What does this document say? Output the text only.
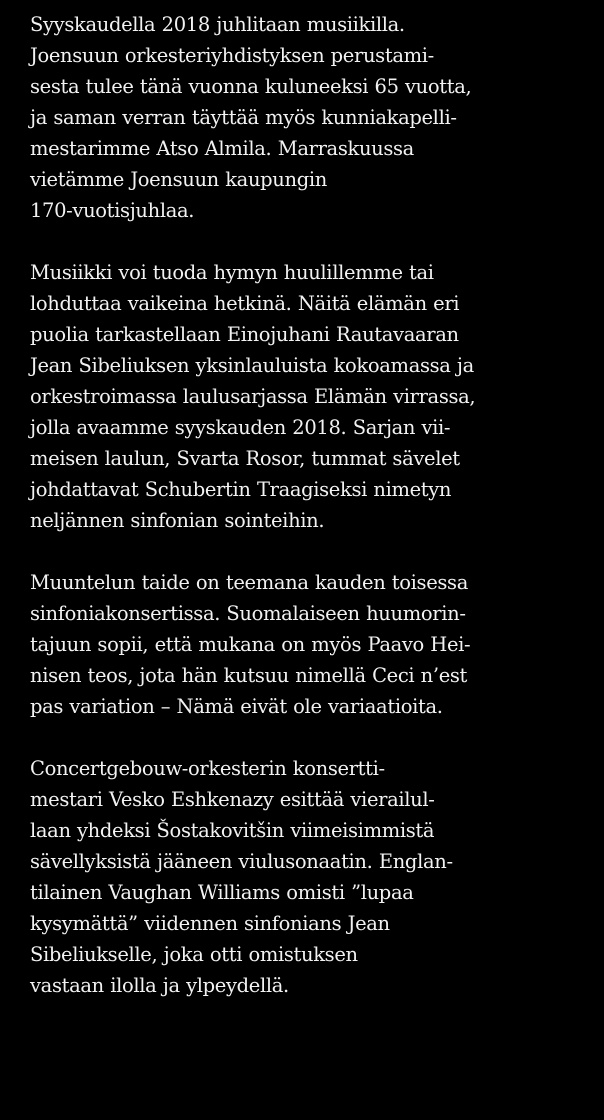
Syyskaudella 2018 juhlitaan musiikilla.
Joensuun orkesteriyhdistyksen perustami-
sesta tulee tänä vuonna kuluneeksi 65 vuotta,
ja saman verran täyttää myös kunniakapelli-
mestarimme Atso Almila. Marraskuussa
vietämme Joensuun kaupungin
170-vuotisjuhlaa.

Musiikki voi tuoda hymyn huulillemme tai
lohduttaa vaikeina hetkinä. Näitä elämän eri
puolia tarkastellaan Einojuhani Rautavaaran
Jean Sibeliuksen yksinlauluista kokoamassa ja
orkestroimassa laulusarjassa Elämän virrassa,
jolla avaamme syyskauden 2018. Sarjan vii-
meisen laulun, Svarta Rosor, tummat sävelet
johdattavat Schubertin Traagiseksi nimetyn
neljännen sinfonian sointeihin.

Muuntelun taide on teemana kauden toisessa
sinfoniakonsertissa. Suomalaiseen huumorin-
tajuun sopii, että mukana on myös Paavo Hei-
nisen teos, jota hän kutsuu nimellä Ceci n’est
pas variation – Nämä eivät ole variaatioita.

Concertgebouw-orkesterin konsertti-
mestari Vesko Eshkenazy esittää vierailul-
laan yhdeksi Šostakovitšin viimeisimmistä
sävellyksistä jääneen viulusonaatin. Englan-
tilainen Vaughan Williams omisti ”lupaa
kysymättä” viidennen sinfonians Jean
Sibeliukselle, joka otti omistuksen
vastaan ilolla ja ylpeydellä.
